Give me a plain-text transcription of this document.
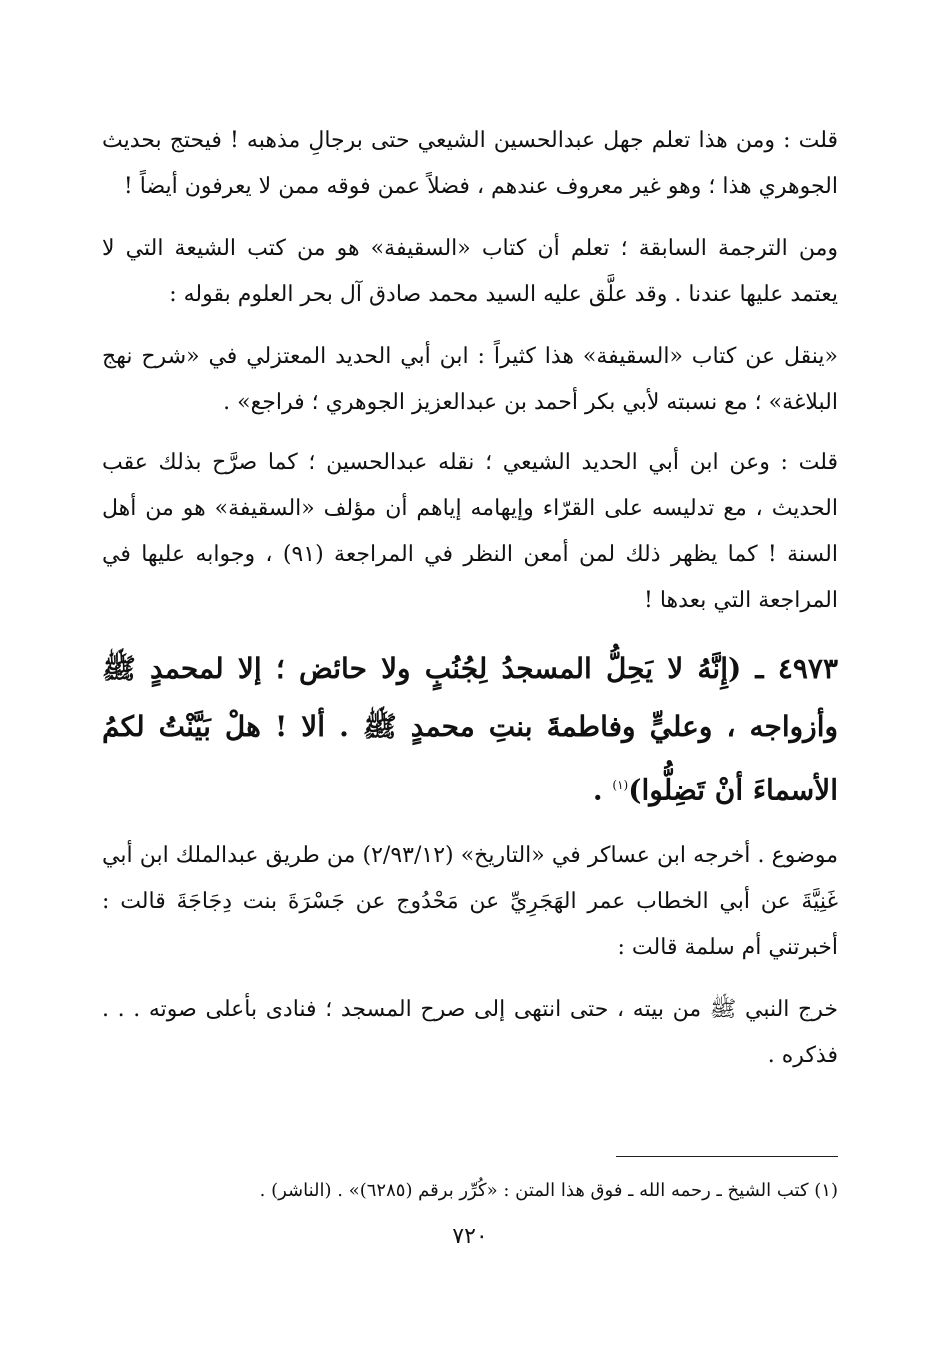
قلت : ومن هذا تعلم جهل عبدالحسين الشيعي حتى برجالِ مذهبه ! فيحتج بحديث الجوهري هذا ؛ وهو غير معروف عندهم ، فضلاً عمن فوقه ممن لا يعرفون أيضاً !

ومن الترجمة السابقة ؛ تعلم أن كتاب «السقيفة» هو من كتب الشيعة التي لا يعتمد عليها عندنا . وقد علَّق عليه السيد محمد صادق آل بحر العلوم بقوله :

«ينقل عن كتاب «السقيفة» هذا كثيراً : ابن أبي الحديد المعتزلي في «شرح نهج البلاغة» ؛ مع نسبته لأبي بكر أحمد بن عبدالعزيز الجوهري ؛ فراجع» .

قلت : وعن ابن أبي الحديد الشيعي ؛ نقله عبدالحسين ؛ كما صرَّح بذلك عقب الحديث ، مع تدليسه على القرّاء وإيهامه إياهم أن مؤلف «السقيفة» هو من أهل السنة ! كما يظهر ذلك لمن أمعن النظر في المراجعة (٩١) ، وجوابه عليها في المراجعة التي بعدها !

٤٩٧٣ ـ (إِنَّهُ لا يَحِلُّ المسجدُ لِجُنُبٍ ولا حائض ؛ إلا لمحمدٍ ﷺ وأزواجه ، وعليٍّ وفاطمةَ بنتِ محمدٍ ﷺ . ألا ! هلْ بَيَّنْتُ لكمُ الأسماءَ أنْ تَضِلُّوا)$^{(١)}$ .

موضوع . أخرجه ابن عساكر في «التاريخ» (٢/٩٣/١٢) من طريق عبدالملك ابن أبي غَنِيَّةَ عن أبي الخطاب عمر الهَجَرِيِّ عن مَحْدُوج عن جَسْرَةَ بنت دِجَاجَةَ قالت : أخبرتني أم سلمة قالت :

خرج النبي ﷺ من بيته ، حتى انتهى إلى صرح المسجد ؛ فنادى بأعلى صوته . . . فذكره .

(١) كتب الشيخ ـ رحمه الله ـ فوق هذا المتن : «كُرِّر برقم (٦٢٨٥)» . (الناشر) .
٧٢٠
